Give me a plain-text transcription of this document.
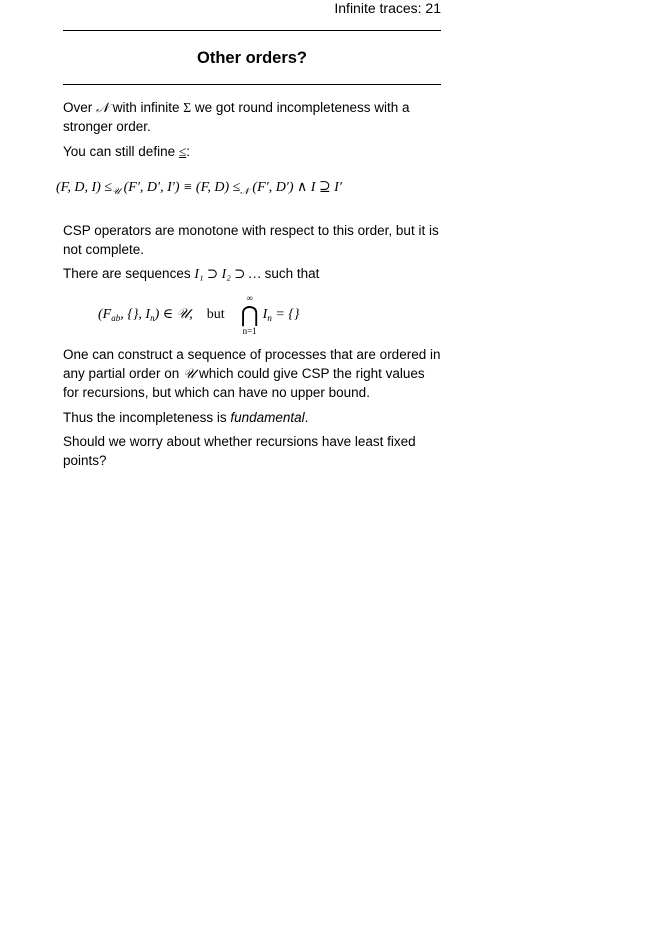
Infinite traces: 21
Other orders?
Over 𝒩 with infinite Σ we got round incompleteness with a stronger order.
You can still define ≤:
(F, D, $I) \le_𝒰$ (F′, D′, I′) ≡ (F, $D) \le_𝒩$ (F′, D′) ∧ I ⊇ I′
CSP operators are monotone with respect to this order, but it is not complete.
There are sequences I₁ ⊃ I₂ ⊃ … such that
($F_{ab}$, {}, $I_n$) ∈ 𝒰, but
∞
⋂
n=1
$I_n$ = {}
One can construct a sequence of processes that are ordered in any partial order on 𝒰 which could give CSP the right values for recursions, but which can have no upper bound.
Thus the incompleteness is fundamental.
Should we worry about whether recursions have least fixed points?
